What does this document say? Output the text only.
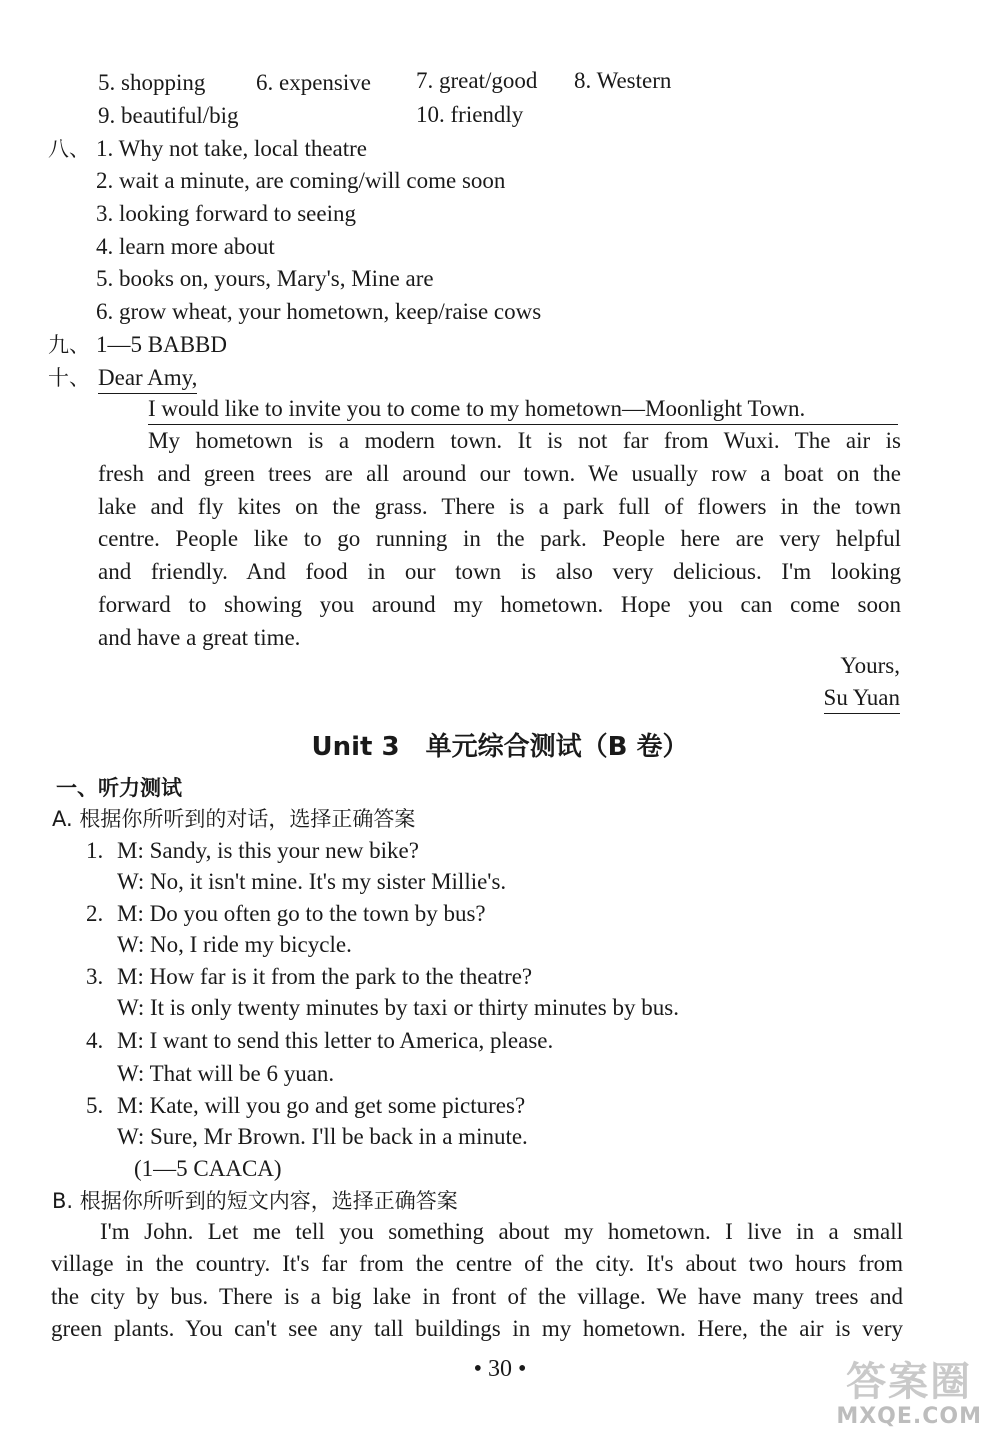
5. shopping 6. expensive 7. great/good 8. Western
9. beautiful/big	10. friendly
八、 1. Why not take, local theatre
2. wait a minute, are coming/will come soon
3. looking forward to seeing
4. learn more about
5. books on, yours, Mary's, Mine are
6. grow wheat, your hometown, keep/raise cows
九、 1—5 BABBD
十、 Dear Amy,
I would like to invite you to come to my hometown—Moonlight Town.
My hometown is a modern town. It is not far from Wuxi. The air is
fresh and green trees are all around our town. We usually row a boat on the
lake and fly kites on the grass. There is a park full of flowers in the town
centre. People like to go running in the park. People here are very helpful
and friendly. And food in our town is also very delicious. I'm looking
forward to showing you around my hometown. Hope you can come soon
and have a great time.
Yours,
Su Yuan
Unit 3　单元综合测试（B 卷）
一、听力测试
A. 根据你所听到的对话，选择正确答案
1. M: Sandy, is this your new bike?
W: No, it isn't mine. It's my sister Millie's.
2. M: Do you often go to the town by bus?
W: No, I ride my bicycle.
3. M: How far is it from the park to the theatre?
W: It is only twenty minutes by taxi or thirty minutes by bus.
4. M: I want to send this letter to America, please.
W: That will be 6 yuan.
5. M: Kate, will you go and get some pictures?
W: Sure, Mr Brown. I'll be back in a minute.
(1—5 CAACA)
B. 根据你所听到的短文内容，选择正确答案
I'm John. Let me tell you something about my hometown. I live in a small
village in the country. It's far from the centre of the city. It's about two hours from
the city by bus. There is a big lake in front of the village. We have many trees and
green plants. You can't see any tall buildings in my hometown. Here, the air is very
• 30 •	答案圈
MXQE.COM
